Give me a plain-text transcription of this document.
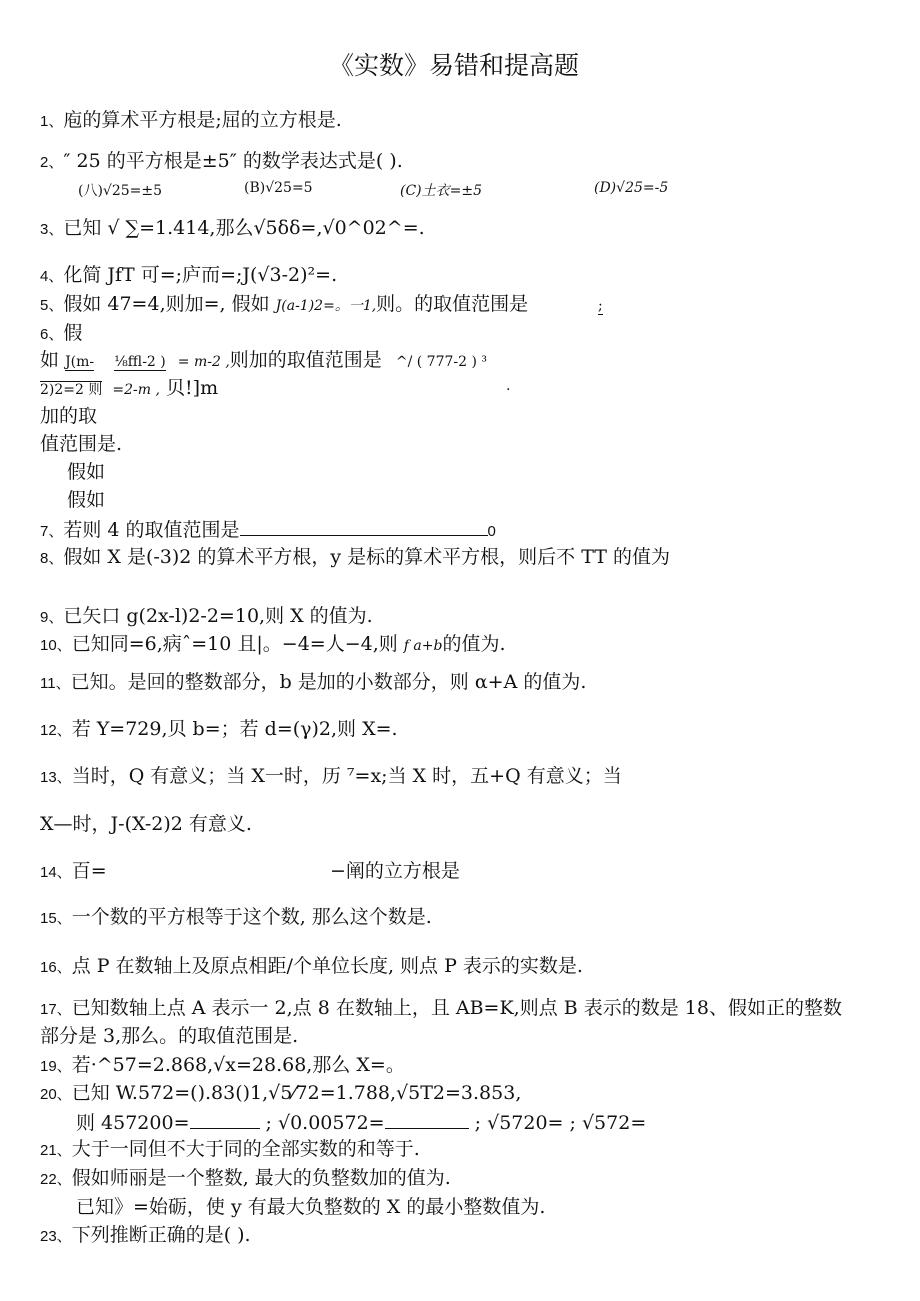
《实数》易错和提高题
1、庖的算术平方根是;屈的立方根是.
2、″ 25 的平方根是±5″ 的数学表达式是( ).
(八)√25=±5	(B)√25=5	(C)土衣=±5	(D)√25=-5
3、已知 √ ∑=1.414,那么√5δδ=,√0^02^=.
4、化简 JfT 可=;庐而=;J(√3-2)²=.
5、假如 47=4,则加=, 假如 J(a-1)2=。一1,则。的取值范围是	;
6、假
如 J(m- ⅛ffl-2 ) = m-2 ,则加的取值范围是 ^/ ( 777-2 ) ³
2)2=2 则 =2-m , 贝!]m	.
加的取
值范围是.
假如
假如
7、若则 4 的取值范围是	0
8、假如 X 是(-3)2 的算术平方根，y 是标的算术平方根，则后不 TT 的值为
9、已矢口 g(2x-l)2-2=10,则 X 的值为.
10、已知同=6,病ˆ=10 且|。−4=人−4,则 f a+b的值为.
11、已知。是回的整数部分，b 是加的小数部分，则 α+A 的值为.
12、若 Y=729,贝 b=；若 d=(γ)2,则 X=.
13、当时，Q 有意义；当 X一时，历 ⁷=x;当 X 时，五+Q 有意义；当
X—时，J-(X-2)2 有意义.
14、百=	−阐的立方根是
15、一个数的平方根等于这个数, 那么这个数是.
16、点 P 在数轴上及原点相距/个单位长度, 则点 P 表示的实数是.
17、已知数轴上点 A 表示一 2,点 8 在数轴上，且 AB=K,则点 B 表示的数是 18、假如正的整数
部分是 3,那么。的取值范围是.
19、若·^57=2.868,√x=28.68,那么 X=。
20、已知 W.572=().83()1,√5⁄72=1.788,√5T2=3.853,
则 457200=	; √0.00572=	; √5720= ; √572=
21、大于一同但不大于同的全部实数的和等于.
22、假如师丽是一个整数, 最大的负整数加的值为.
已知》=始砺，使 y 有最大负整数的 X 的最小整数值为.
23、下列推断正确的是( ).
